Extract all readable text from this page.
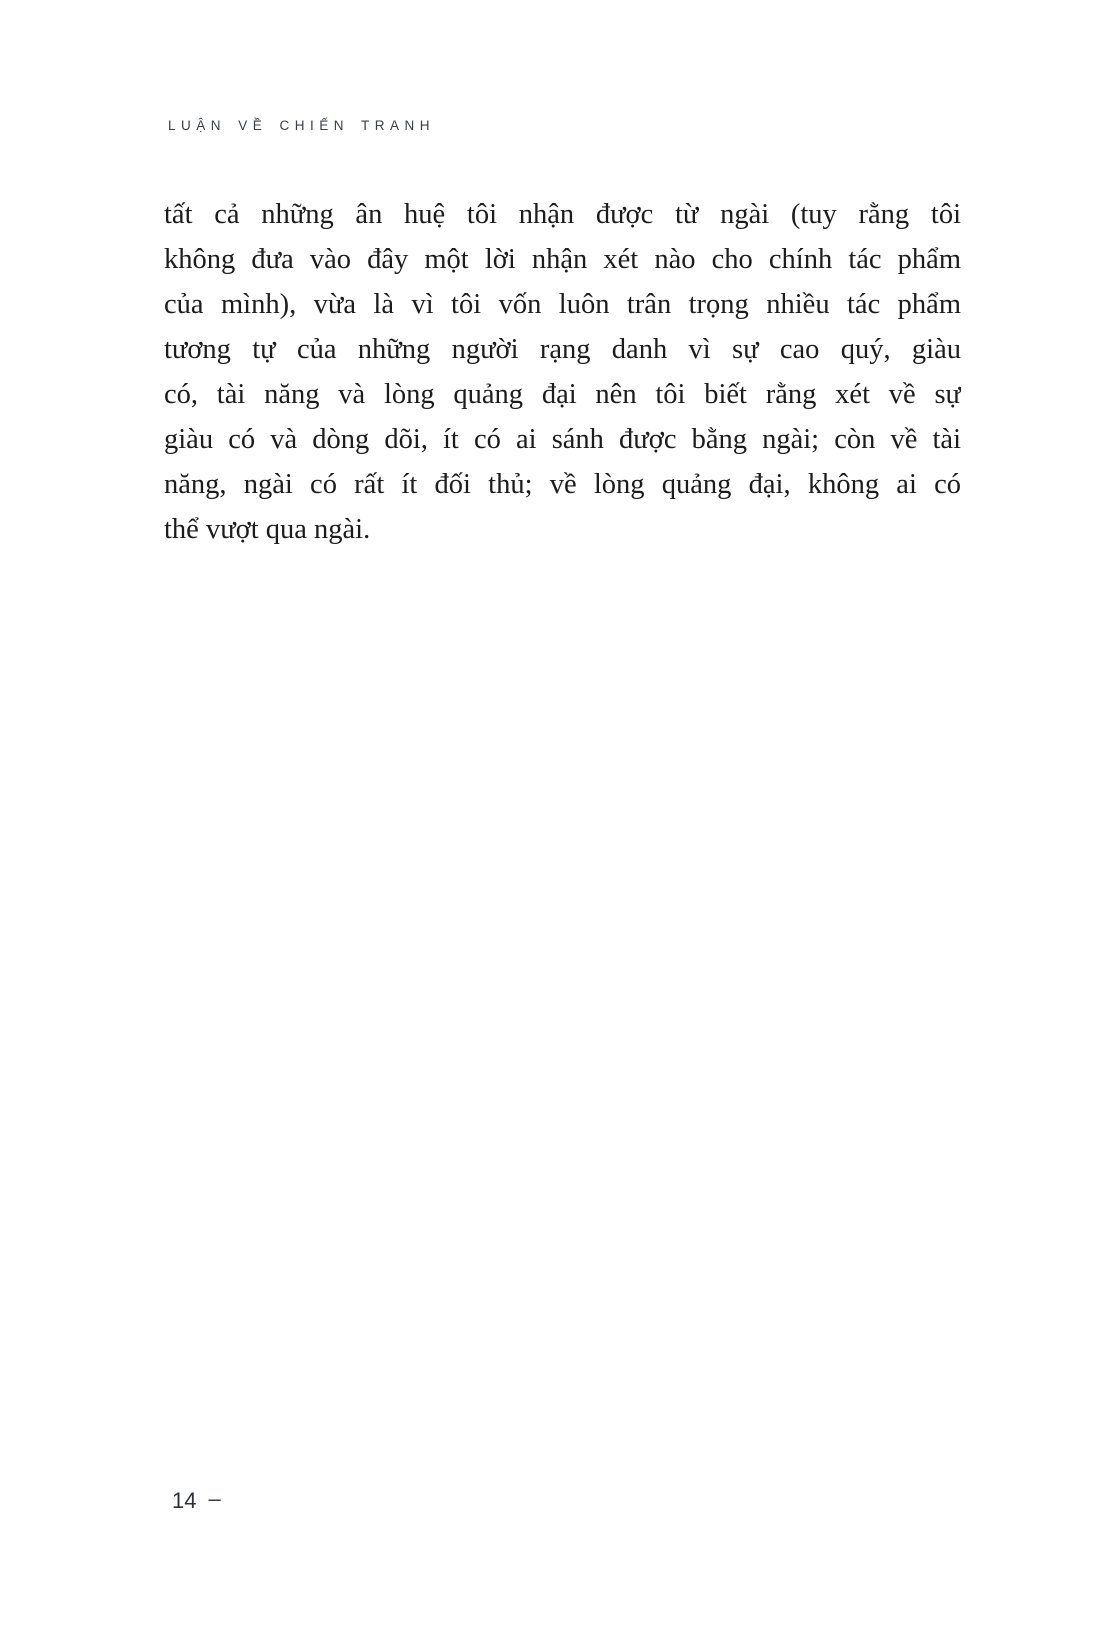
LUẬN VỀ CHIẾN TRANH
tất cả những ân huệ tôi nhận được từ ngài (tuy rằng tôi
không đưa vào đây một lời nhận xét nào cho chính tác phẩm
của mình), vừa là vì tôi vốn luôn trân trọng nhiều tác phẩm
tương tự của những người rạng danh vì sự cao quý, giàu
có, tài năng và lòng quảng đại nên tôi biết rằng xét về sự
giàu có và dòng dõi, ít có ai sánh được bằng ngài; còn về tài
năng, ngài có rất ít đối thủ; về lòng quảng đại, không ai có
thể vượt qua ngài.
14 –
